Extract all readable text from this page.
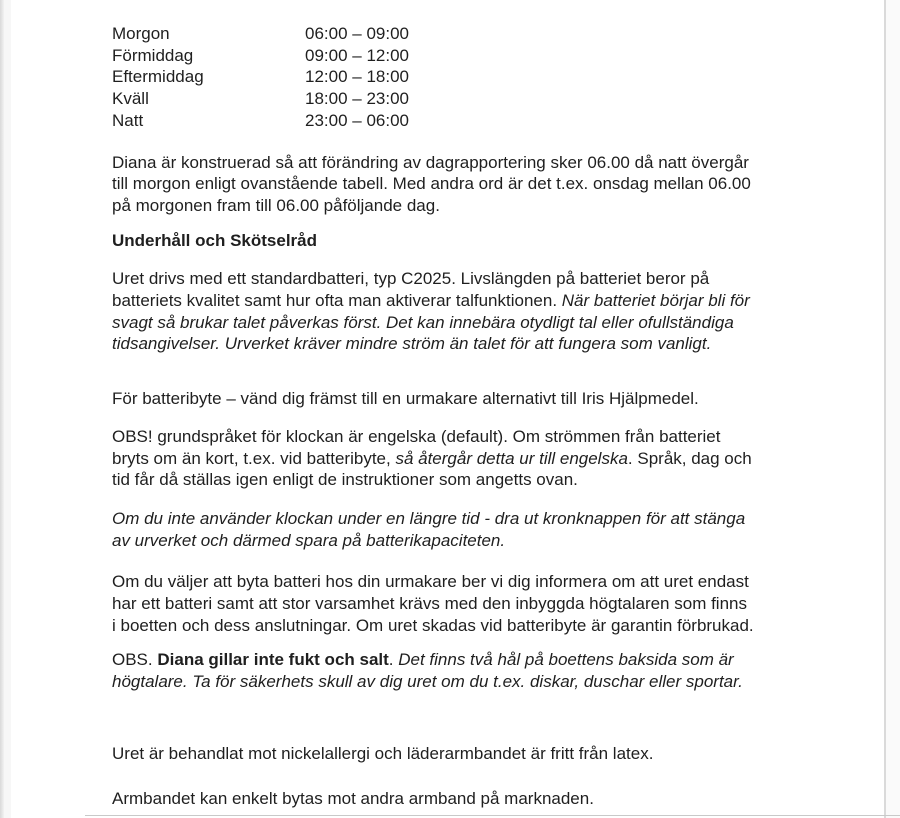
Morgon	06:00 – 09:00
Förmiddag	09:00 – 12:00
Eftermiddag	12:00 – 18:00
Kväll	18:00 – 23:00
Natt	23:00 – 06:00
Diana är konstruerad så att förändring av dagrapportering sker 06.00 då natt övergår
till morgon enligt ovanstående tabell. Med andra ord är det t.ex. onsdag mellan 06.00
på morgonen fram till 06.00 påföljande dag.
Underhåll och Skötselråd
Uret drivs med ett standardbatteri, typ C2025. Livslängden på batteriet beror på
batteriets kvalitet samt hur ofta man aktiverar talfunktionen. När batteriet börjar bli för
svagt så brukar talet påverkas först. Det kan innebära otydligt tal eller ofullständiga
tidsangivelser. Urverket kräver mindre ström än talet för att fungera som vanligt.
För batteribyte – vänd dig främst till en urmakare alternativt till Iris Hjälpmedel.
OBS! grundspråket för klockan är engelska (default). Om strömmen från batteriet
bryts om än kort, t.ex. vid batteribyte, så återgår detta ur till engelska. Språk, dag och
tid får då ställas igen enligt de instruktioner som angetts ovan.
Om du inte använder klockan under en längre tid - dra ut kronknappen för att stänga
av urverket och därmed spara på batterikapaciteten.
Om du väljer att byta batteri hos din urmakare ber vi dig informera om att uret endast
har ett batteri samt att stor varsamhet krävs med den inbyggda högtalaren som finns
i boetten och dess anslutningar. Om uret skadas vid batteribyte är garantin förbrukad.
OBS. Diana gillar inte fukt och salt. Det finns två hål på boettens baksida som är
högtalare. Ta för säkerhets skull av dig uret om du t.ex. diskar, duschar eller sportar.
Uret är behandlat mot nickelallergi och läderarmbandet är fritt från latex.
Armbandet kan enkelt bytas mot andra armband på marknaden.
